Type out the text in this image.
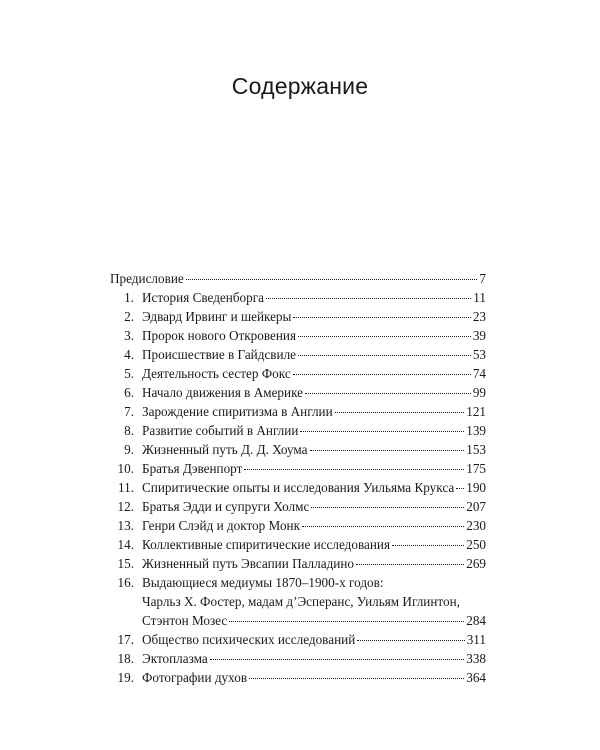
Содержание
Предисловие	7
1. История Сведенборга	11
2. Эдвард Ирвинг и шейкеры	23
3. Пророк нового Откровения	39
4. Происшествие в Гайдсвиле	53
5. Деятельность сестер Фокс	74
6. Начало движения в Америке	99
7. Зарождение спиритизма в Англии	121
8. Развитие событий в Англии	139
9. Жизненный путь Д. Д. Хоума	153
10. Братья Дэвенпорт	175
11. Спиритические опыты и исследования Уильяма Крукса 190
12. Братья Эдди и супруги Холмс	207
13. Генри Слэйд и доктор Монк	230
14. Коллективные спиритические исследования	250
15. Жизненный путь Эвсапии Палладино	269
16. Выдающиеся медиумы 1870–1900-х годов:
Чарльз Х. Фостер, мадам д’Эсперанс, Уильям Иглинтон,
Стэнтон Мозес	284
17. Общество психических исследований	311
18. Эктоплазма	338
19. Фотографии духов	364
